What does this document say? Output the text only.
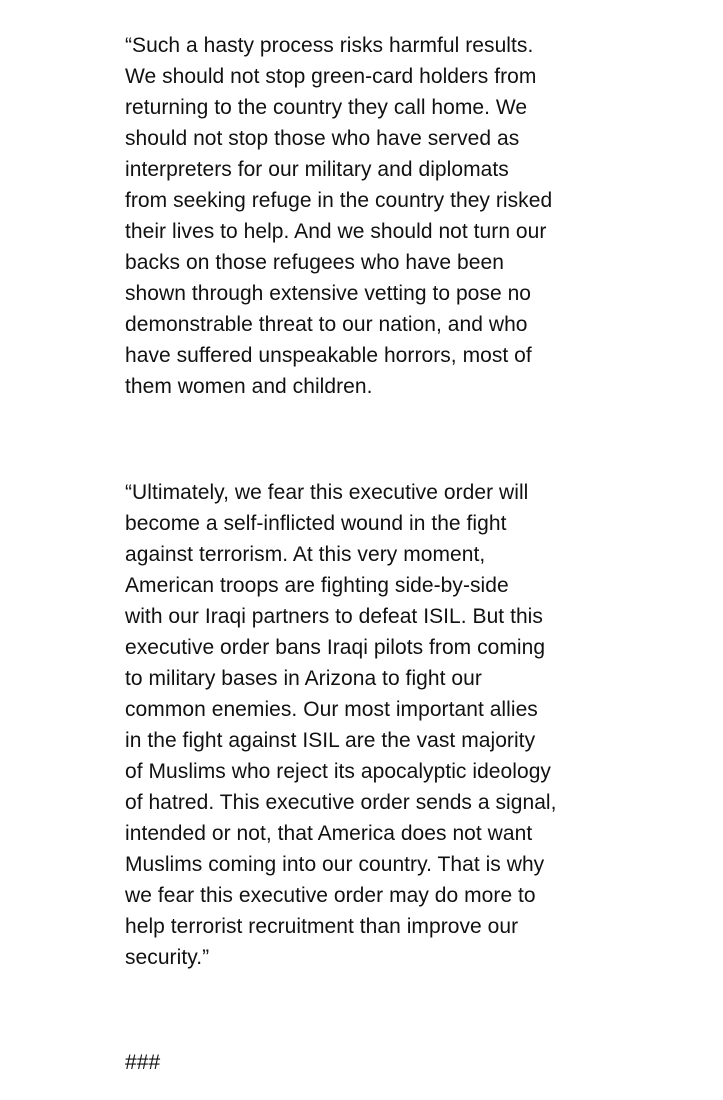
“Such a hasty process risks harmful results.
We should not stop green-card holders from
returning to the country they call home. We
should not stop those who have served as
interpreters for our military and diplomats
from seeking refuge in the country they risked
their lives to help. And we should not turn our
backs on those refugees who have been
shown through extensive vetting to pose no
demonstrable threat to our nation, and who
have suffered unspeakable horrors, most of
them women and children.

“Ultimately, we fear this executive order will
become a self-inflicted wound in the fight
against terrorism. At this very moment,
American troops are fighting side-by-side
with our Iraqi partners to defeat ISIL. But this
executive order bans Iraqi pilots from coming
to military bases in Arizona to fight our
common enemies. Our most important allies
in the fight against ISIL are the vast majority
of Muslims who reject its apocalyptic ideology
of hatred. This executive order sends a signal,
intended or not, that America does not want
Muslims coming into our country. That is why
we fear this executive order may do more to
help terrorist recruitment than improve our
security.”

###
